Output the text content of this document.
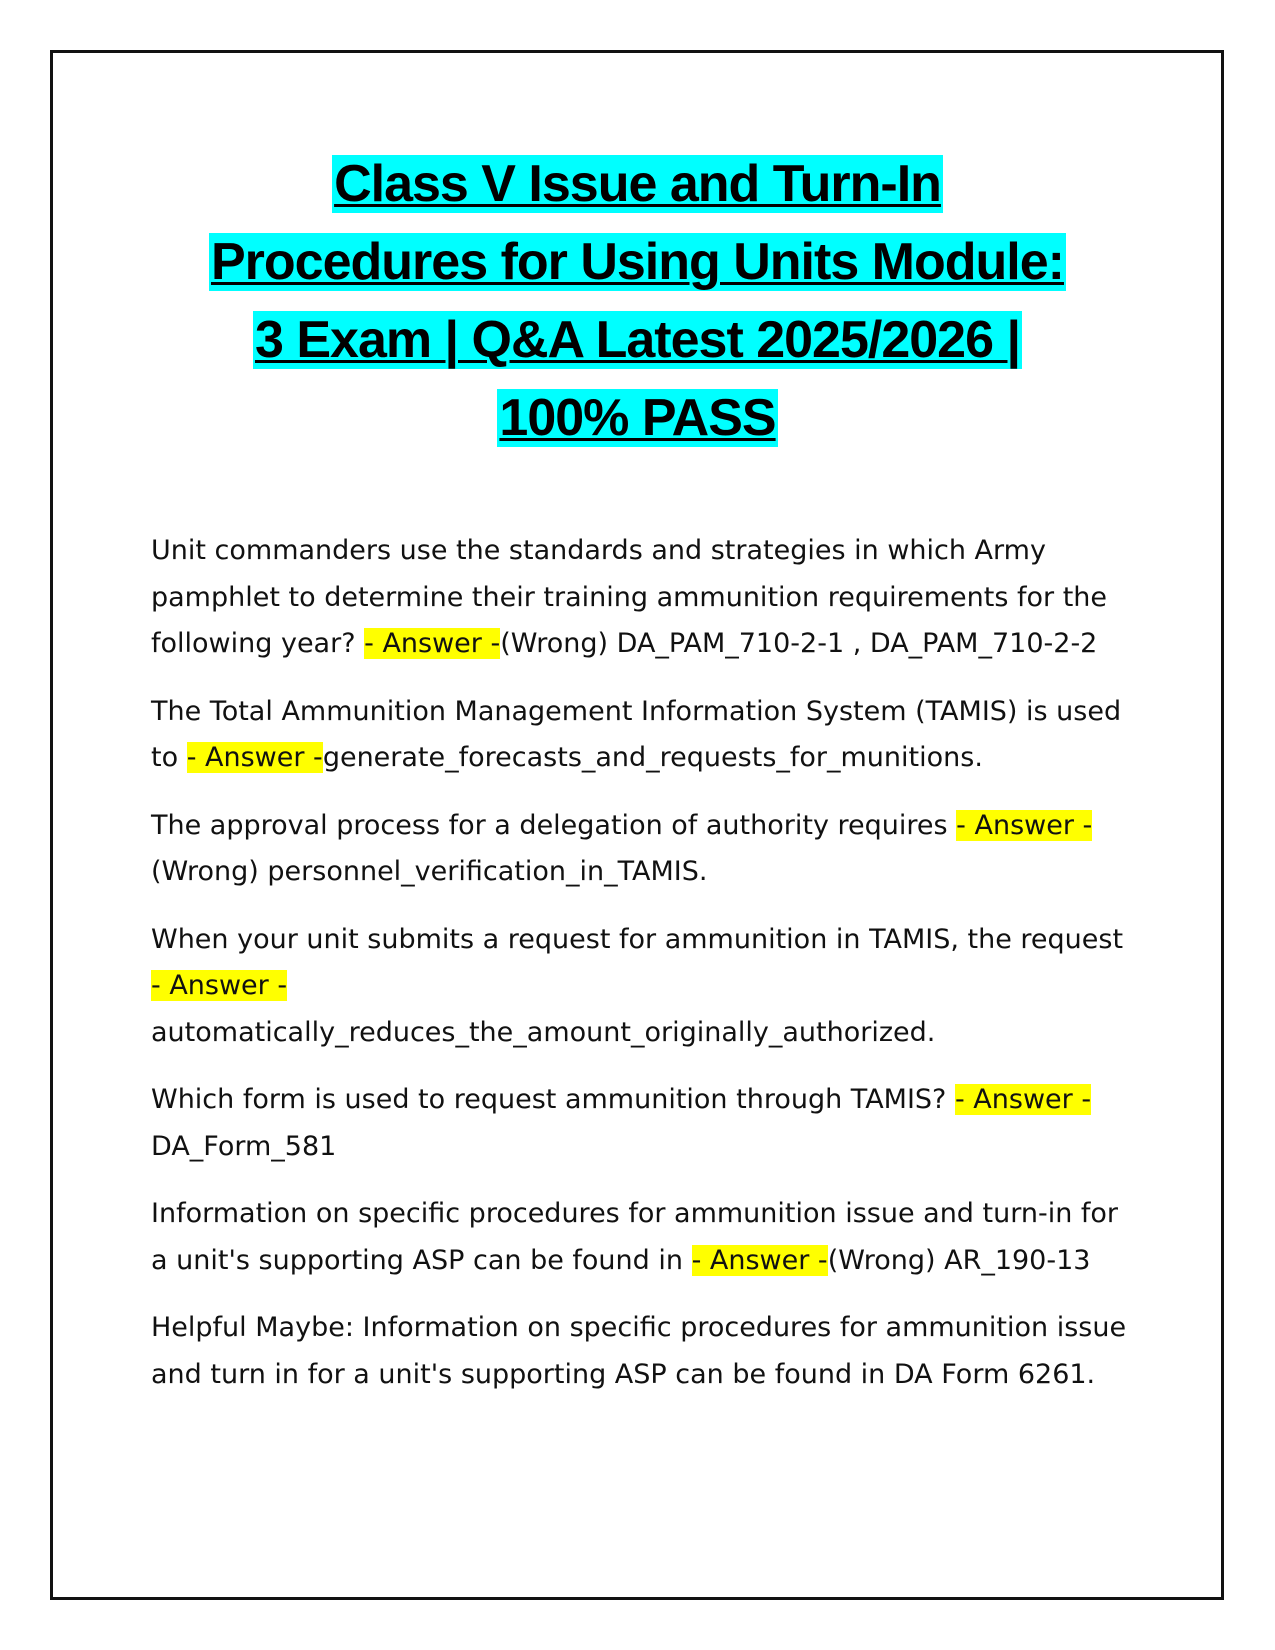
Class V Issue and Turn-In
Procedures for Using Units Module:
3 Exam | Q&A Latest 2025/2026 |
100% PASS

Unit commanders use the standards and strategies in which Army pamphlet to determine their training ammunition requirements for the following year? - Answer -(Wrong) DA_PAM_710-2-1 , DA_PAM_710-2-2

The Total Ammunition Management Information System (TAMIS) is used to - Answer -generate_forecasts_and_requests_for_munitions.

The approval process for a delegation of authority requires - Answer -
(Wrong) personnel_verification_in_TAMIS.

When your unit submits a request for ammunition in TAMIS, the request - Answer -
automatically_reduces_the_amount_originally_authorized.

Which form is used to request ammunition through TAMIS? - Answer -
DA_Form_581

Information on specific procedures for ammunition issue and turn-in for a unit's supporting ASP can be found in - Answer -(Wrong) AR_190-13

Helpful Maybe: Information on specific procedures for ammunition issue and turn in for a unit's supporting ASP can be found in DA Form 6261.
